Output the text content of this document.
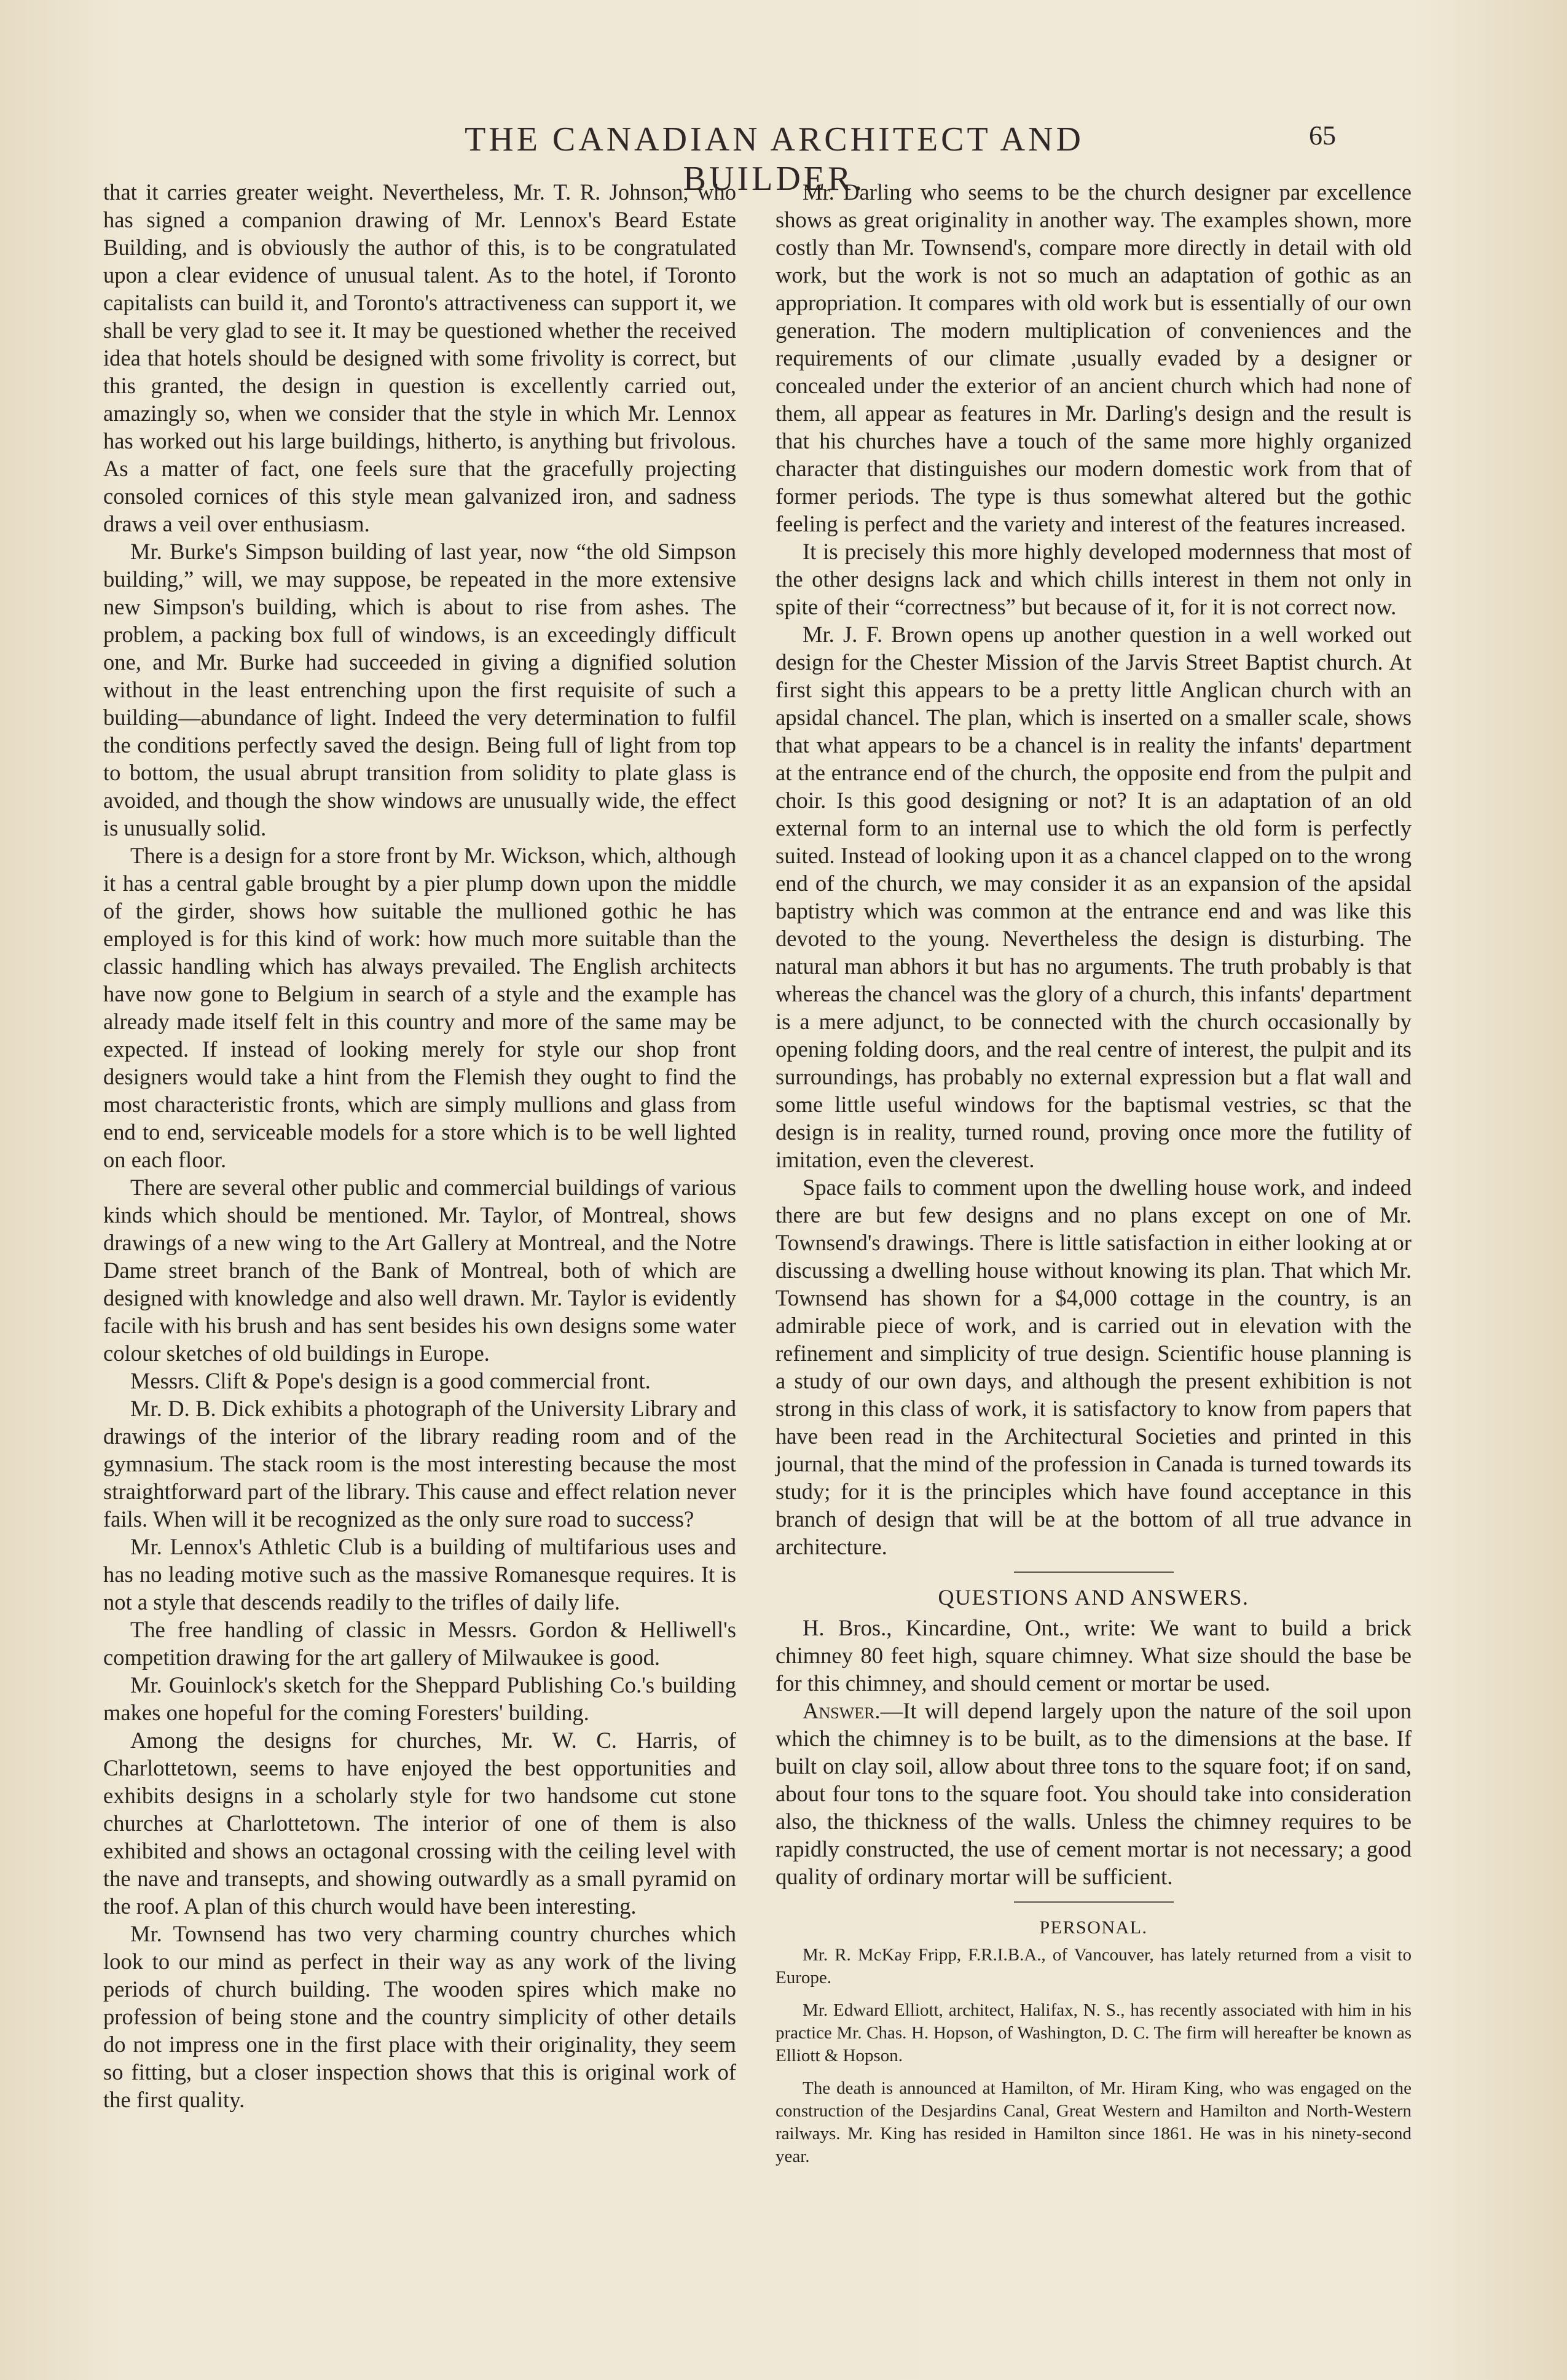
THE CANADIAN ARCHITECT AND BUILDER.
65

that it carries greater weight. Nevertheless, Mr. T. R. Johnson, who has signed a companion drawing of Mr. Lennox's Beard Estate Building, and is obviously the author of this, is to be congratulated upon a clear evidence of unusual talent. As to the hotel, if Toronto capitalists can build it, and Toronto's attractiveness can support it, we shall be very glad to see it. It may be questioned whether the received idea that hotels should be designed with some frivolity is correct, but this granted, the design in question is excellently carried out, amazingly so, when we consider that the style in which Mr. Lennox has worked out his large buildings, hitherto, is anything but frivolous. As a matter of fact, one feels sure that the gracefully projecting consoled cornices of this style mean galvanized iron, and sadness draws a veil over enthusiasm.

Mr. Burke's Simpson building of last year, now “the old Simpson building,” will, we may suppose, be repeated in the more extensive new Simpson's building, which is about to rise from ashes. The problem, a packing box full of windows, is an exceedingly difficult one, and Mr. Burke had succeeded in giving a dignified solution without in the least entrenching upon the first requisite of such a building—abundance of light. Indeed the very determination to fulfil the conditions perfectly saved the design. Being full of light from top to bottom, the usual abrupt transition from solidity to plate glass is avoided, and though the show windows are unusually wide, the effect is unusually solid.

There is a design for a store front by Mr. Wickson, which, although it has a central gable brought by a pier plump down upon the middle of the girder, shows how suitable the mullioned gothic he has employed is for this kind of work: how much more suitable than the classic handling which has always prevailed. The English architects have now gone to Belgium in search of a style and the example has already made itself felt in this country and more of the same may be expected. If instead of looking merely for style our shop front designers would take a hint from the Flemish they ought to find the most characteristic fronts, which are simply mullions and glass from end to end, serviceable models for a store which is to be well lighted on each floor.

There are several other public and commercial buildings of various kinds which should be mentioned. Mr. Taylor, of Montreal, shows drawings of a new wing to the Art Gallery at Montreal, and the Notre Dame street branch of the Bank of Montreal, both of which are designed with knowledge and also well drawn. Mr. Taylor is evidently facile with his brush and has sent besides his own designs some water colour sketches of old buildings in Europe.

Messrs. Clift & Pope's design is a good commercial front.

Mr. D. B. Dick exhibits a photograph of the University Library and drawings of the interior of the library reading room and of the gymnasium. The stack room is the most interesting because the most straightforward part of the library. This cause and effect relation never fails. When will it be recognized as the only sure road to success?

Mr. Lennox's Athletic Club is a building of multifarious uses and has no leading motive such as the massive Romanesque requires. It is not a style that descends readily to the trifles of daily life.

The free handling of classic in Messrs. Gordon & Helliwell's competition drawing for the art gallery of Milwaukee is good.

Mr. Gouinlock's sketch for the Sheppard Publishing Co.'s building makes one hopeful for the coming Foresters' building.

Among the designs for churches, Mr. W. C. Harris, of Charlottetown, seems to have enjoyed the best opportunities and exhibits designs in a scholarly style for two handsome cut stone churches at Charlottetown. The interior of one of them is also exhibited and shows an octagonal crossing with the ceiling level with the nave and transepts, and showing outwardly as a small pyramid on the roof. A plan of this church would have been interesting.

Mr. Townsend has two very charming country churches which look to our mind as perfect in their way as any work of the living periods of church building. The wooden spires which make no profession of being stone and the country simplicity of other details do not impress one in the first place with their originality, they seem so fitting, but a closer inspection shows that this is original work of the first quality.

Mr. Darling who seems to be the church designer par excellence shows as great originality in another way. The examples shown, more costly than Mr. Townsend's, compare more directly in detail with old work, but the work is not so much an adaptation of gothic as an appropriation. It compares with old work but is essentially of our own generation. The modern multiplication of conveniences and the requirements of our climate ,usually evaded by a designer or concealed under the exterior of an ancient church which had none of them, all appear as features in Mr. Darling's design and the result is that his churches have a touch of the same more highly organized character that distinguishes our modern domestic work from that of former periods. The type is thus somewhat altered but the gothic feeling is perfect and the variety and interest of the features increased.

It is precisely this more highly developed modernness that most of the other designs lack and which chills interest in them not only in spite of their “correctness” but because of it, for it is not correct now.

Mr. J. F. Brown opens up another question in a well worked out design for the Chester Mission of the Jarvis Street Baptist church. At first sight this appears to be a pretty little Anglican church with an apsidal chancel. The plan, which is inserted on a smaller scale, shows that what appears to be a chancel is in reality the infants' department at the entrance end of the church, the opposite end from the pulpit and choir. Is this good designing or not? It is an adaptation of an old external form to an internal use to which the old form is perfectly suited. Instead of looking upon it as a chancel clapped on to the wrong end of the church, we may consider it as an expansion of the apsidal baptistry which was common at the entrance end and was like this devoted to the young. Nevertheless the design is disturbing. The natural man abhors it but has no arguments. The truth probably is that whereas the chancel was the glory of a church, this infants' department is a mere adjunct, to be connected with the church occasionally by opening folding doors, and the real centre of interest, the pulpit and its surroundings, has probably no external expression but a flat wall and some little useful windows for the baptismal vestries, sc that the design is in reality, turned round, proving once more the futility of imitation, even the cleverest.

Space fails to comment upon the dwelling house work, and indeed there are but few designs and no plans except on one of Mr. Townsend's drawings. There is little satisfaction in either looking at or discussing a dwelling house without knowing its plan. That which Mr. Townsend has shown for a $4,000 cottage in the country, is an admirable piece of work, and is carried out in elevation with the refinement and simplicity of true design. Scientific house planning is a study of our own days, and although the present exhibition is not strong in this class of work, it is satisfactory to know from papers that have been read in the Architectural Societies and printed in this journal, that the mind of the profession in Canada is turned towards its study; for it is the principles which have found acceptance in this branch of design that will be at the bottom of all true advance in architecture.

QUESTIONS AND ANSWERS.

H. Bros., Kincardine, Ont., write: We want to build a brick chimney 80 feet high, square chimney. What size should the base be for this chimney, and should cement or mortar be used.

Answer.—It will depend largely upon the nature of the soil upon which the chimney is to be built, as to the dimensions at the base. If built on clay soil, allow about three tons to the square foot; if on sand, about four tons to the square foot. You should take into consideration also, the thickness of the walls. Unless the chimney requires to be rapidly constructed, the use of cement mortar is not necessary; a good quality of ordinary mortar will be sufficient.

PERSONAL.

Mr. R. McKay Fripp, F.R.I.B.A., of Vancouver, has lately returned from a visit to Europe.

Mr. Edward Elliott, architect, Halifax, N. S., has recently associated with him in his practice Mr. Chas. H. Hopson, of Washington, D. C. The firm will hereafter be known as Elliott & Hopson.

The death is announced at Hamilton, of Mr. Hiram King, who was engaged on the construction of the Desjardins Canal, Great Western and Hamilton and North-Western railways. Mr. King has resided in Hamilton since 1861. He was in his ninety-second year.
